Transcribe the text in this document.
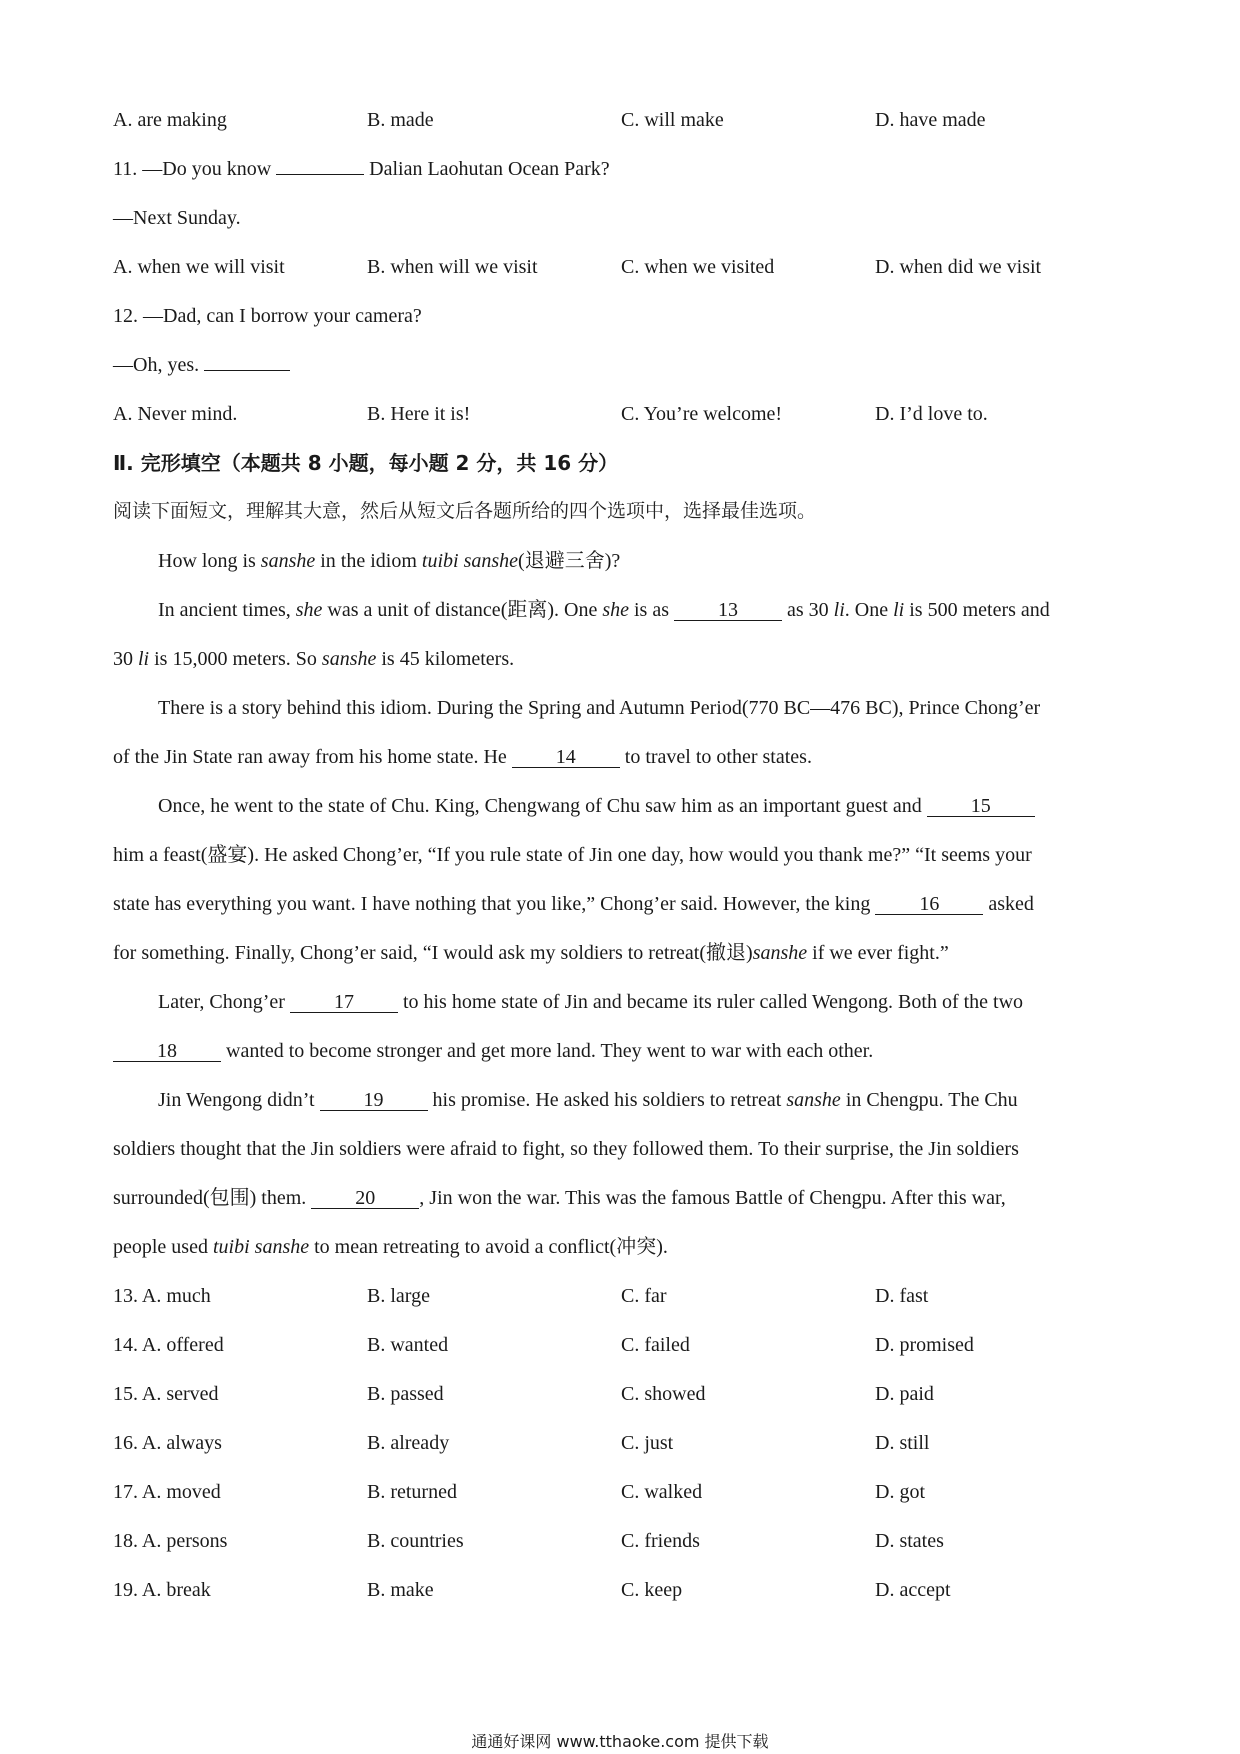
A. are making	B. made	C. will make	D. have made
11. —Do you know	Dalian Laohutan Ocean Park?
—Next Sunday.
A. when we will visit	B. when will we visit	C. when we visited	D. when did we visit
12. —Dad, can I borrow your camera?
—Oh, yes.
A. Never mind.	B. Here it is!	C. You’re welcome!	D. I’d love to.
Ⅱ. 完形填空（本题共 8 小题，每小题 2 分，共 16 分）
阅读下面短文，理解其大意，然后从短文后各题所给的四个选项中，选择最佳选项。
How long is sanshe in the idiom tuibi sanshe(退避三舍)?
In ancient times, she was a unit of distance(距离). One she is as 13 as 30 li. One li is 500 meters and
30 li is 15,000 meters. So sanshe is 45 kilometers.
There is a story behind this idiom. During the Spring and Autumn Period(770 BC—476 BC), Prince Chong’er
of the Jin State ran away from his home state. He 14 to travel to other states.
Once, he went to the state of Chu. King, Chengwang of Chu saw him as an important guest and 15
him a feast(盛宴). He asked Chong’er, “If you rule state of Jin one day, how would you thank me?” “It seems your
state has everything you want. I have nothing that you like,” Chong’er said. However, the king 16 asked
for something. Finally, Chong’er said, “I would ask my soldiers to retreat(撤退)sanshe if we ever fight.”
Later, Chong’er 17 to his home state of Jin and became its ruler called Wengong. Both of the two
18 wanted to become stronger and get more land. They went to war with each other.
Jin Wengong didn’t 19 his promise. He asked his soldiers to retreat sanshe in Chengpu. The Chu
soldiers thought that the Jin soldiers were afraid to fight, so they followed them. To their surprise, the Jin soldiers
surrounded(包围) them. 20 , Jin won the war. This was the famous Battle of Chengpu. After this war,
people used tuibi sanshe to mean retreating to avoid a conflict(冲突).
13. A. much	B. large	C. far	D. fast
14. A. offered	B. wanted	C. failed	D. promised
15. A. served	B. passed	C. showed	D. paid
16. A. always	B. already	C. just	D. still
17. A. moved	B. returned	C. walked	D. got
18. A. persons	B. countries	C. friends	D. states
19. A. break	B. make	C. keep	D. accept
通通好课网 www.tthaoke.com 提供下载
